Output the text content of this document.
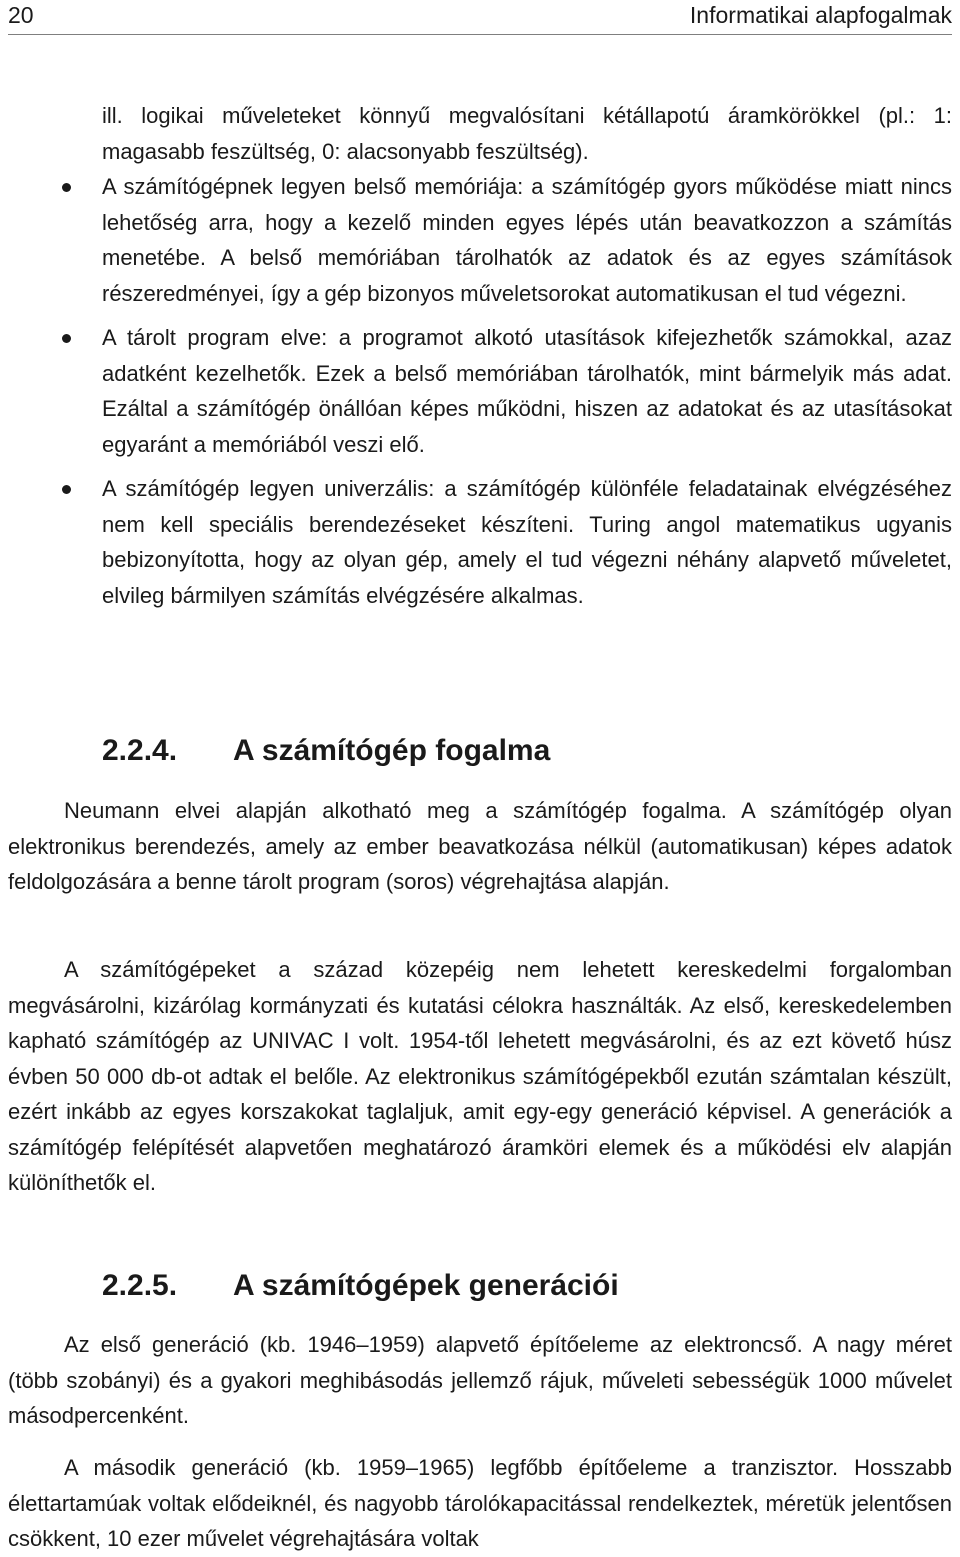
20	Informatikai alapfogalmak

ill. logikai műveleteket könnyű megvalósítani kétállapotú áramkörökkel (pl.: 1: magasabb feszültség, 0: alacsonyabb feszültség).

A számítógépnek legyen belső memóriája: a számítógép gyors működése miatt nincs lehetőség arra, hogy a kezelő minden egyes lépés után beavatkozzon a számítás menetébe. A belső memóriában tárolhatók az adatok és az egyes számítások részeredményei, így a gép bizonyos műveletsorokat automatikusan el tud végezni.
A tárolt program elve: a programot alkotó utasítások kifejezhetők számokkal, azaz adatként kezelhetők. Ezek a belső memóriában tárolhatók, mint bármelyik más adat. Ezáltal a számítógép önállóan képes működni, hiszen az adatokat és az utasításokat egyaránt a memóriából veszi elő.
A számítógép legyen univerzális: a számítógép különféle feladatainak elvégzéséhez nem kell speciális berendezéseket készíteni. Turing angol matematikus ugyanis bebizonyította, hogy az olyan gép, amely el tud végezni néhány alapvető műveletet, elvileg bármilyen számítás elvégzésére alkalmas.
2.2.4. A számítógép fogalma

Neumann elvei alapján alkotható meg a számítógép fogalma. A számítógép olyan elektronikus berendezés, amely az ember beavatkozása nélkül (automatikusan) képes adatok feldolgozására a benne tárolt program (soros) végrehajtása alapján.

A számítógépeket a század közepéig nem lehetett kereskedelmi forgalomban megvásárolni, kizárólag kormányzati és kutatási célokra használták. Az első, kereskedelemben kapható számítógép az UNIVAC I volt. 1954-től lehetett megvásárolni, és az ezt követő húsz évben 50 000 db-ot adtak el belőle. Az elektronikus számítógépekből ezután számtalan készült, ezért inkább az egyes korszakokat taglaljuk, amit egy-egy generáció képvisel. A generációk a számítógép felépítését alapvetően meghatározó áramköri elemek és a működési elv alapján különíthetők el.

2.2.5. A számítógépek generációi

Az első generáció (kb. 1946–1959) alapvető építőeleme az elektroncső. A nagy méret (több szobányi) és a gyakori meghibásodás jellemző rájuk, műveleti sebességük 1000 művelet másodpercenként.

A második generáció (kb. 1959–1965) legfőbb építőeleme a tranzisztor. Hosszabb élettartamúak voltak elődeiknél, és nagyobb tárolókapacitással rendelkeztek, méretük jelentősen csökkent, 10 ezer művelet végrehajtására voltak
